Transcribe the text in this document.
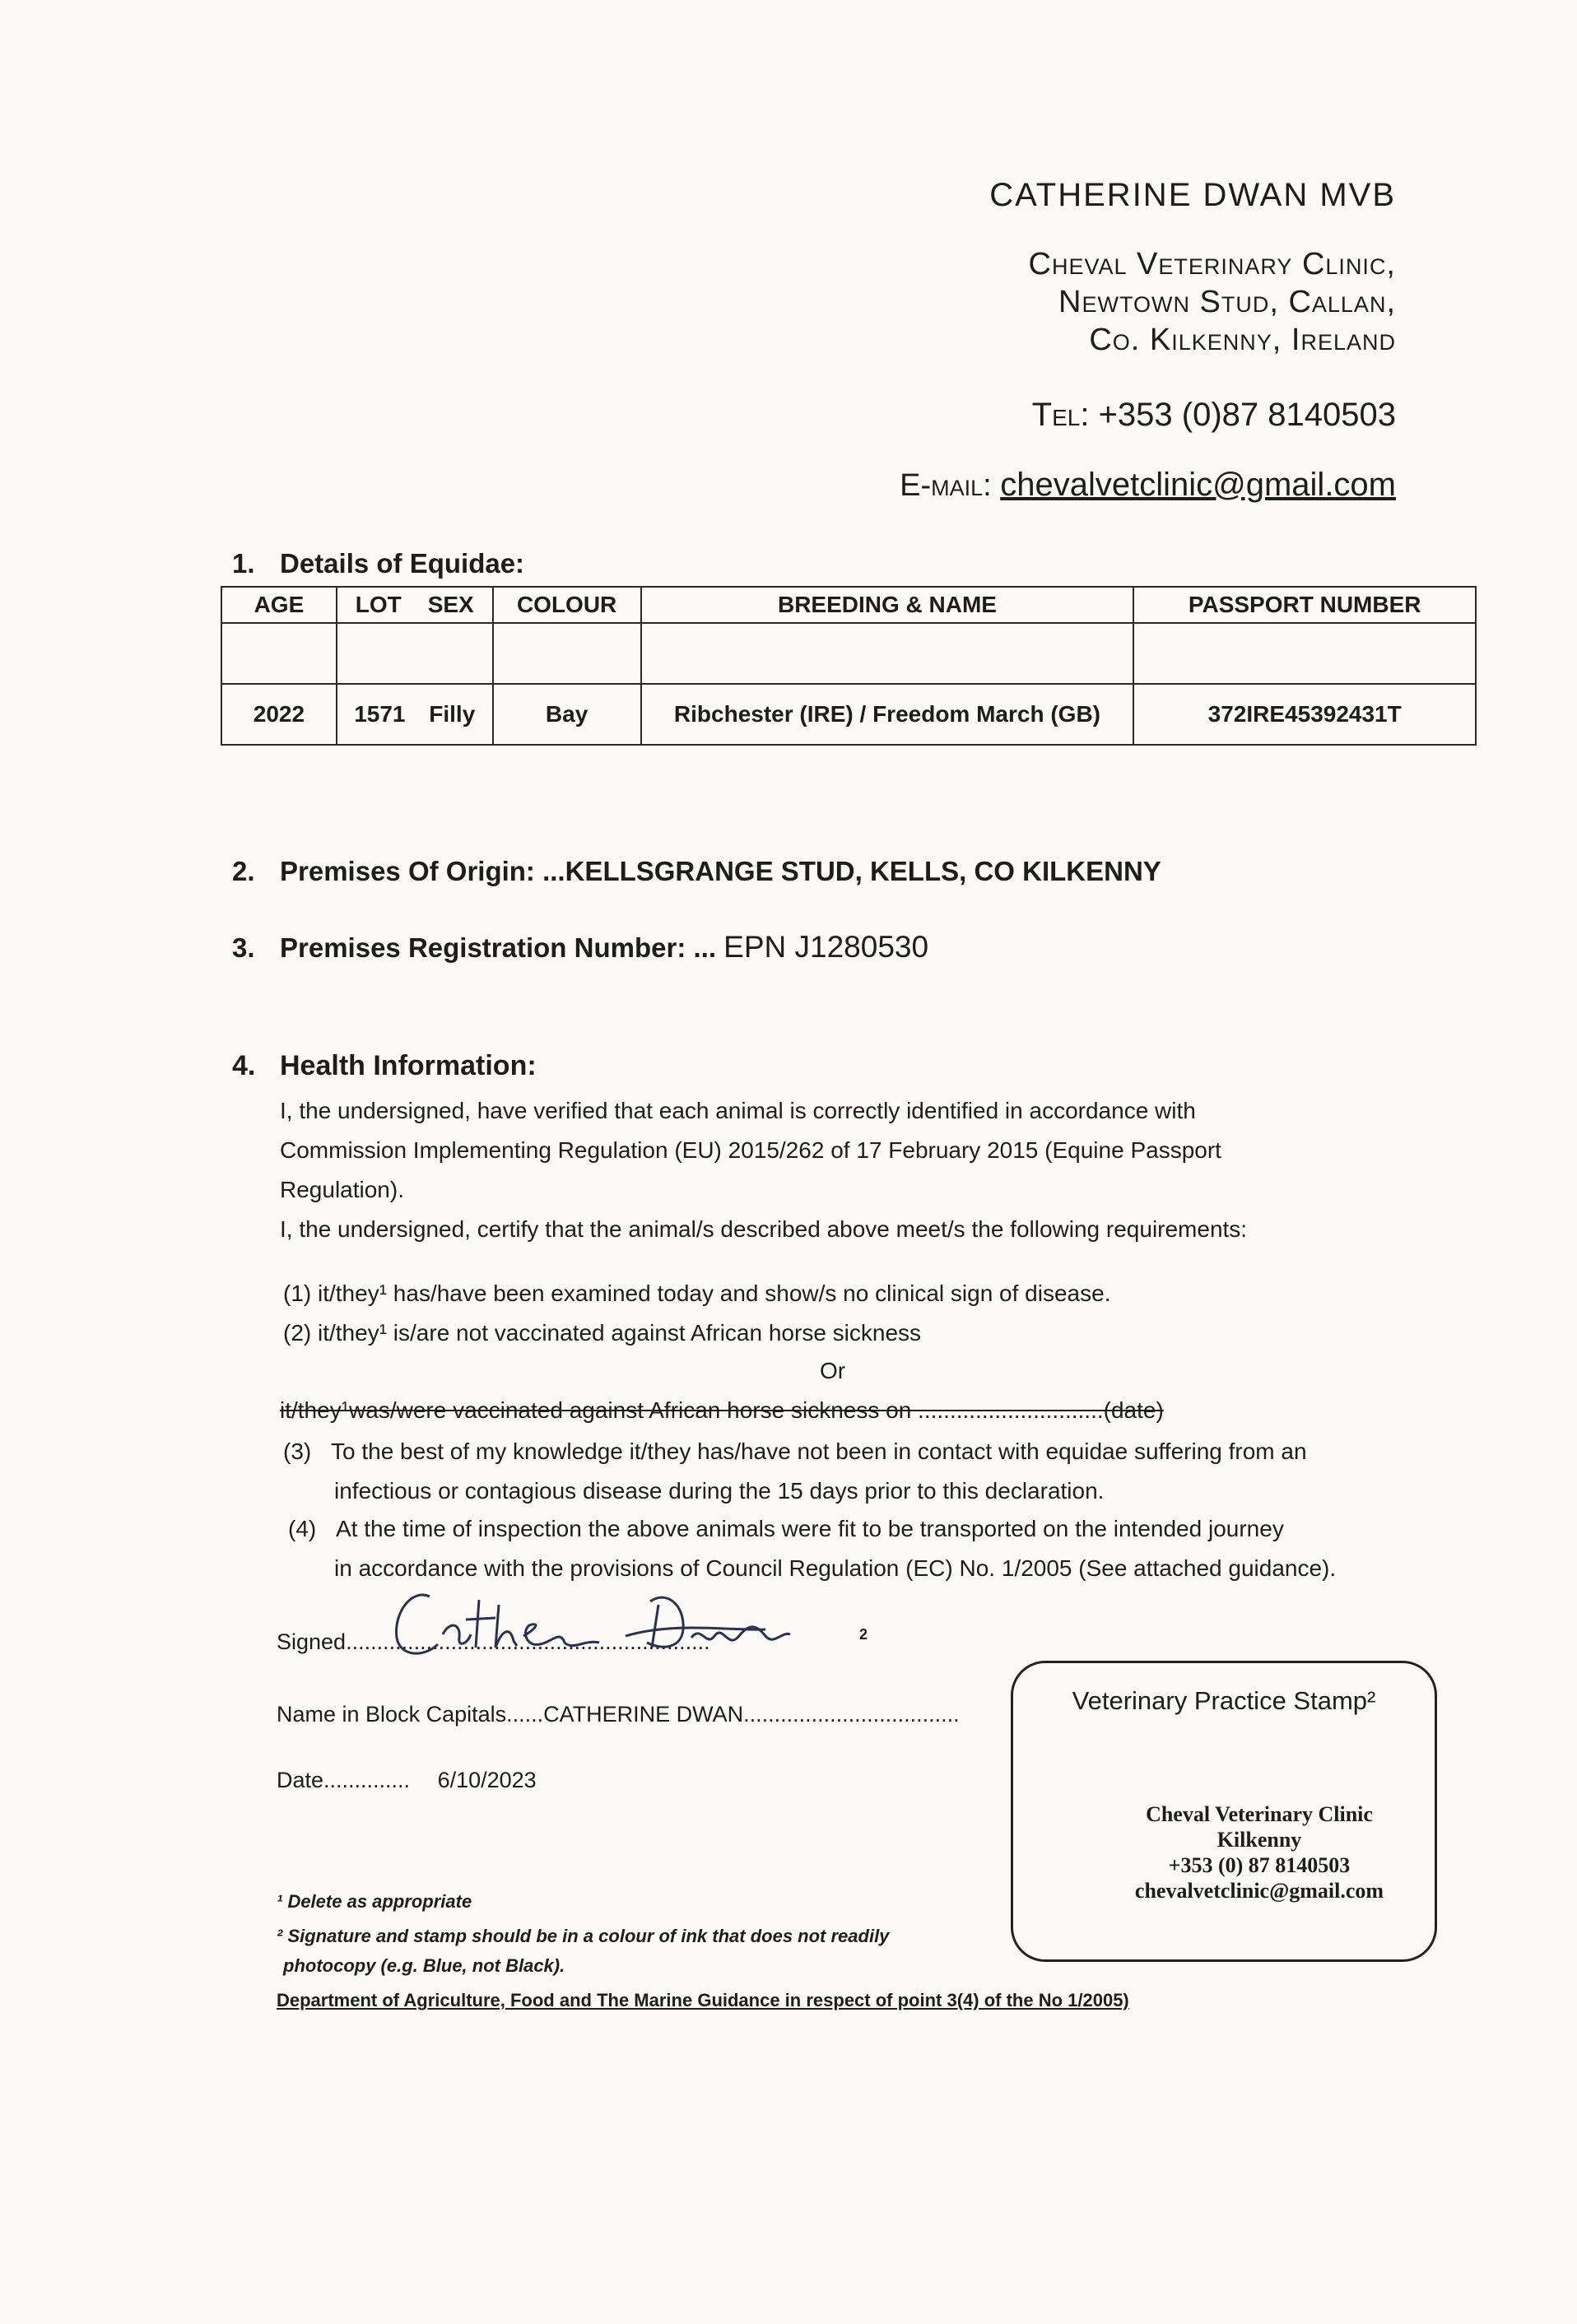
CATHERINE DWAN MVB
Cheval Veterinary Clinic,
Newtown Stud, Callan,
Co. Kilkenny, Ireland
Tel: +353 (0)87 8140503
E-mail: chevalvetclinic@gmail.com
1. Details of Equidae:
AGE	LOT SEX	COLOUR	BREEDING & NAME	PASSPORT NUMBER

2022	1571 Filly	Bay	Ribchester (IRE) / Freedom March (GB)	372IRE45392431T
2. Premises Of Origin: ...KELLSGRANGE STUD, KELLS, CO KILKENNY
3. Premises Registration Number: ... EPN J1280530
4. Health Information:
I, the undersigned, have verified that each animal is correctly identified in accordance with
Commission Implementing Regulation (EU) 2015/262 of 17 February 2015 (Equine Passport
Regulation).
I, the undersigned, certify that the animal/s described above meet/s the following requirements:
(1) it/they¹ has/have been examined today and show/s no clinical sign of disease.
(2) it/they¹ is/are not vaccinated against African horse sickness
Or
it/they¹was/were vaccinated against African horse sickness on .............................(date)
(3) To the best of my knowledge it/they has/have not been in contact with equidae suffering from an
infectious or contagious disease during the 15 days prior to this declaration.
(4) At the time of inspection the above animals were fit to be transported on the intended journey
in accordance with the provisions of Council Regulation (EC) No. 1/2005 (See attached guidance).
Signed...........................................................	2
Name in Block Capitals......CATHERINE DWAN...................................
Date.............. 6/10/2023
Veterinary Practice Stamp²
Cheval Veterinary Clinic
Kilkenny
+353 (0) 87 8140503
chevalvetclinic@gmail.com
¹ Delete as appropriate
² Signature and stamp should be in a colour of ink that does not readily
photocopy (e.g. Blue, not Black).
Department of Agriculture, Food and The Marine Guidance in respect of point 3(4) of the No 1/2005)
